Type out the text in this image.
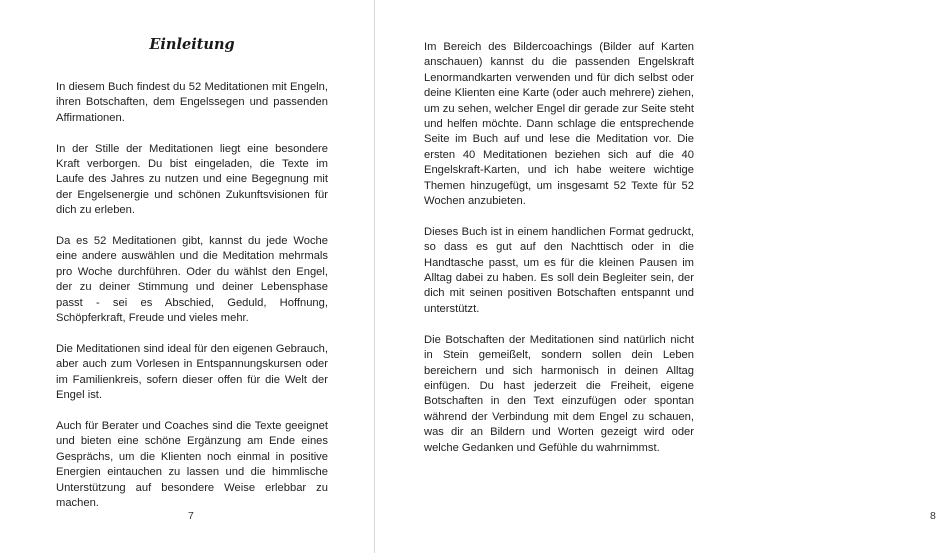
Einleitung

In diesem Buch findest du 52 Meditationen mit Engeln, ihren Botschaften, dem Engelssegen und passenden Affirmationen.

In der Stille der Meditationen liegt eine besondere Kraft verborgen. Du bist eingeladen, die Texte im Laufe des Jahres zu nutzen und eine Begegnung mit der Engelsenergie und schönen Zukunftsvisionen für dich zu erleben.

Da es 52 Meditationen gibt, kannst du jede Woche eine andere auswählen und die Meditation mehrmals pro Woche durchführen. Oder du wählst den Engel, der zu deiner Stimmung und deiner Lebensphase passt - sei es Abschied, Geduld, Hoffnung, Schöpferkraft, Freude und vieles mehr.

Die Meditationen sind ideal für den eigenen Gebrauch, aber auch zum Vorlesen in Entspannungskursen oder im Familienkreis, sofern dieser offen für die Welt der Engel ist.

Auch für Berater und Coaches sind die Texte geeignet und bieten eine schöne Ergänzung am Ende eines Gesprächs, um die Klienten noch einmal in positive Energien eintauchen zu lassen und die himmlische Unterstützung auf besondere Weise erlebbar zu machen.

7	8

Im Bereich des Bildercoachings (Bilder auf Karten anschauen) kannst du die passenden Engelskraft Lenormandkarten verwenden und für dich selbst oder deine Klienten eine Karte (oder auch mehrere) ziehen, um zu sehen, welcher Engel dir gerade zur Seite steht und helfen möchte. Dann schlage die entsprechende Seite im Buch auf und lese die Meditation vor. Die ersten 40 Meditationen beziehen sich auf die 40 Engelskraft-Karten, und ich habe weitere wichtige Themen hinzugefügt, um insgesamt 52 Texte für 52 Wochen anzubieten.

Dieses Buch ist in einem handlichen Format gedruckt, so dass es gut auf den Nachttisch oder in die Handtasche passt, um es für die kleinen Pausen im Alltag dabei zu haben. Es soll dein Begleiter sein, der dich mit seinen positiven Botschaften entspannt und unterstützt.

Die Botschaften der Meditationen sind natürlich nicht in Stein gemeißelt, sondern sollen dein Leben bereichern und sich harmonisch in deinen Alltag einfügen. Du hast jederzeit die Freiheit, eigene Botschaften in den Text einzufügen oder spontan während der Verbindung mit dem Engel zu schauen, was dir an Bildern und Worten gezeigt wird oder welche Gedanken und Gefühle du wahrnimmst.
